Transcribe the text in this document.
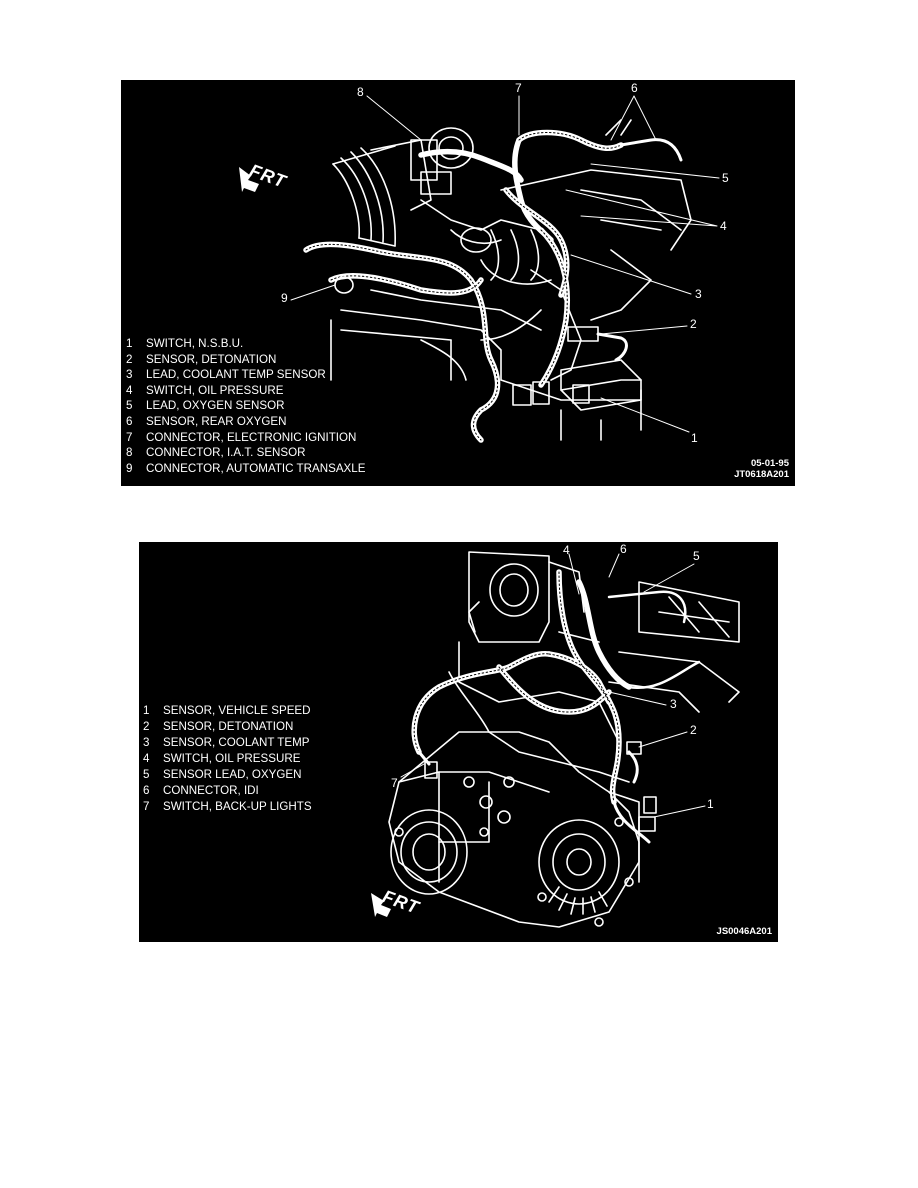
FRT
8	7	6
5
4
3
2
1
9
1	SWITCH, N.S.B.U.
2	SENSOR, DETONATION
3	LEAD, COOLANT TEMP SENSOR
4	SWITCH, OIL PRESSURE
5	LEAD, OXYGEN SENSOR
6	SENSOR, REAR OXYGEN
7	CONNECTOR, ELECTRONIC IGNITION
8	CONNECTOR, I.A.T. SENSOR
9	CONNECTOR, AUTOMATIC TRANSAXLE	05-01-95
JT0618A201
FRT
4	6	5
3
2
1
7
1	SENSOR, VEHICLE SPEED
2	SENSOR, DETONATION
3	SENSOR, COOLANT TEMP
4	SWITCH, OIL PRESSURE
5	SENSOR LEAD, OXYGEN
6	CONNECTOR, IDI
7	SWITCH, BACK-UP LIGHTS
JS0046A201
